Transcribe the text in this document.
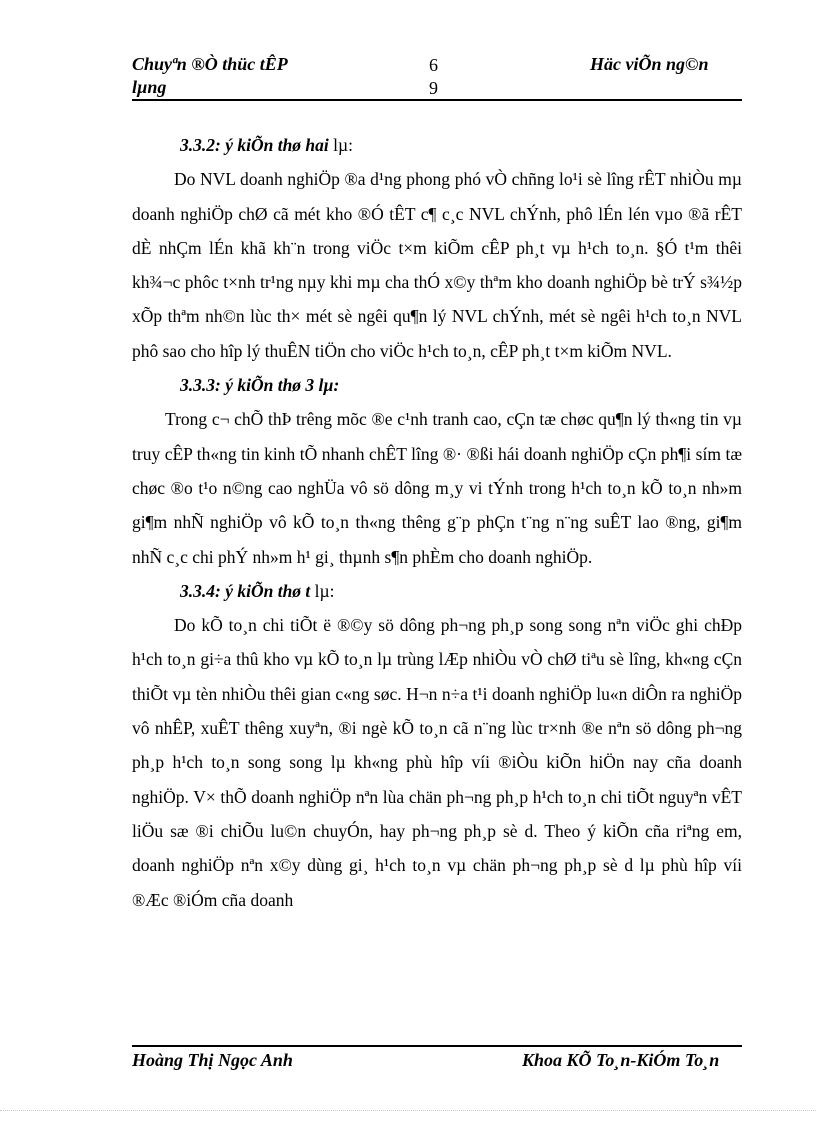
Chuyªn ®Ò thüc tÊP
lµng
6
9
Häc viÕn ng©n
3.3.2: ý kiÕn thø hai lµ:

Do NVL doanh nghiÖp ®a d¹ng phong phó vÒ chñng lo¹i sè lîng rÊT nhiÒu mµ doanh nghiÖp chØ cã mét kho ®Ó tÊT c¶ c¸c NVL chÝnh, phô lÉn lén vµo ®ã rÊT dÈ nhÇm lÉn khã kh¨n trong viÖc t×m kiÕm cÊP ph¸t vµ h¹ch to¸n. §Ó t¹m thêi kh¾¬c phôc t×nh tr¹ng nµy khi mµ cha thÓ x©y thªm kho doanh nghiÖp bè trÝ s¾½p xÕp thªm nh©n lùc th× mét sè ngêi qu¶n lý NVL chÝnh, mét sè ngêi h¹ch to¸n NVL phô sao cho hîp lý thuÊN tiÖn cho viÖc h¹ch to¸n, cÊP ph¸t t×m kiÕm NVL.

3.3.3: ý kiÕn thø 3 lµ:

Trong c¬ chÕ thÞ trêng mõc ®e c¹nh tranh cao, cÇn tæ chøc qu¶n lý th«ng tin vµ truy cÊP th«ng tin kinh tÕ nhanh chÊT lîng ®· ®ßi hái doanh nghiÖp cÇn ph¶i sím tæ chøc ®o t¹o n©ng cao nghÜa vô sö dông m¸y vi tÝnh trong h¹ch to¸n kÕ to¸n nh»m gi¶m nhÑ nghiÖp vô kÕ to¸n th«ng thêng g¨p phÇn t¨ng n¨ng suÊT lao ®ng, gi¶m nhÑ c¸c chi phÝ nh»m h¹ gi¸ thµnh s¶n phÈm cho doanh nghiÖp.

3.3.4: ý kiÕn thø t lµ:

Do kÕ to¸n chi tiÕt ë ®©y sö dông ph¬ng ph¸p song song nªn viÖc ghi chÐp h¹ch to¸n gi÷a thû kho vµ kÕ to¸n lµ trùng lÆp nhiÒu vÒ chØ tiªu sè lîng, kh«ng cÇn thiÕt vµ tèn nhiÒu thêi gian c«ng søc. H¬n n÷a t¹i doanh nghiÖp lu«n diÔn ra nghiÖp vô nhÊP, xuÊT thêng xuyªn, ®i ngè kÕ to¸n cã n¨ng lùc tr×nh ®e nªn sö dông ph¬ng ph¸p h¹ch to¸n song song lµ kh«ng phù hîp víi ®iÒu kiÕn hiÖn nay cña doanh nghiÖp. V× thÕ doanh nghiÖp nªn lùa chän ph¬ng ph¸p h¹ch to¸n chi tiÕt nguyªn vÊT liÖu sæ ®i chiÕu lu©n chuyÓn, hay ph¬ng ph¸p sè d. Theo ý kiÕn cña riªng em, doanh nghiÖp nªn x©y dùng gi¸ h¹ch to¸n vµ chän ph¬ng ph¸p sè d lµ phù hîp víi ®Æc ®iÓm cña doanh

Hoàng Thị Ngọc Anh	Khoa KÕ To¸n-KiÓm To¸n
